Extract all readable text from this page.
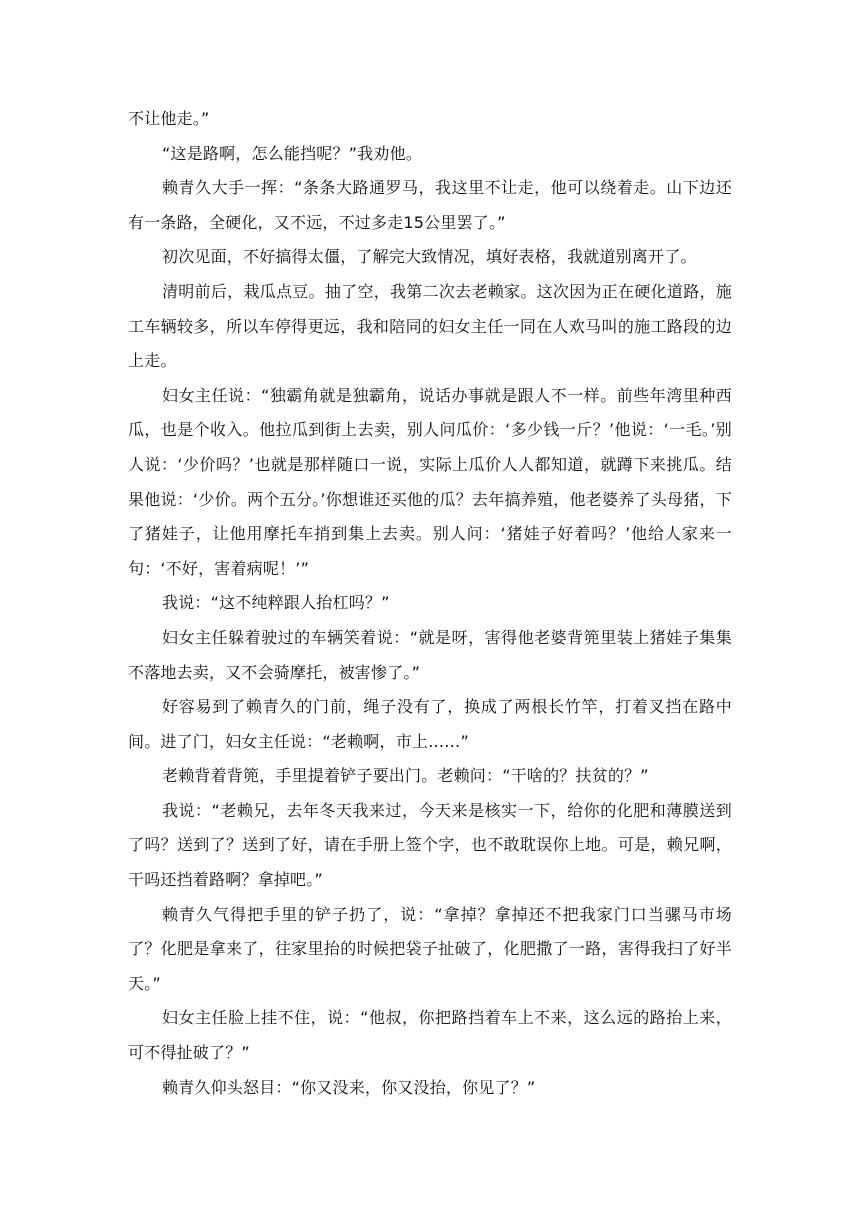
不让他走。”

“这是路啊，怎么能挡呢？”我劝他。

赖青久大手一挥：“条条大路通罗马，我这里不让走，他可以绕着走。山下边还有一条路，全硬化，又不远，不过多走15公里罢了。”

初次见面，不好搞得太僵，了解完大致情况，填好表格，我就道别离开了。

清明前后，栽瓜点豆。抽了空，我第二次去老赖家。这次因为正在硬化道路，施工车辆较多，所以车停得更远，我和陪同的妇女主任一同在人欢马叫的施工路段的边上走。

妇女主任说：“独霸角就是独霸角，说话办事就是跟人不一样。前些年湾里种西瓜，也是个收入。他拉瓜到街上去卖，别人问瓜价：‘多少钱一斤？’他说：‘一毛。’别人说：‘少价吗？’也就是那样随口一说，实际上瓜价人人都知道，就蹲下来挑瓜。结果他说：‘少价。两个五分。’你想谁还买他的瓜？去年搞养殖，他老婆养了头母猪，下了猪娃子，让他用摩托车捎到集上去卖。别人问：‘猪娃子好着吗？’他给人家来一句：‘不好，害着病呢！’”

我说：“这不纯粹跟人抬杠吗？”

妇女主任躲着驶过的车辆笑着说：“就是呀，害得他老婆背篼里装上猪娃子集集不落地去卖，又不会骑摩托，被害惨了。”

好容易到了赖青久的门前，绳子没有了，换成了两根长竹竿，打着叉挡在路中间。进了门，妇女主任说：“老赖啊，市上……”

老赖背着背篼，手里提着铲子要出门。老赖问：“干啥的？扶贫的？”

我说：“老赖兄，去年冬天我来过，今天来是核实一下，给你的化肥和薄膜送到了吗？送到了？送到了好，请在手册上签个字，也不敢耽误你上地。可是，赖兄啊，干吗还挡着路啊？拿掉吧。”

赖青久气得把手里的铲子扔了，说：“拿掉？拿掉还不把我家门口当骡马市场了？化肥是拿来了，往家里抬的时候把袋子扯破了，化肥撒了一路，害得我扫了好半天。”

妇女主任脸上挂不住，说：“他叔，你把路挡着车上不来，这么远的路抬上来，可不得扯破了？”

赖青久仰头怒目：“你又没来，你又没抬，你见了？”
